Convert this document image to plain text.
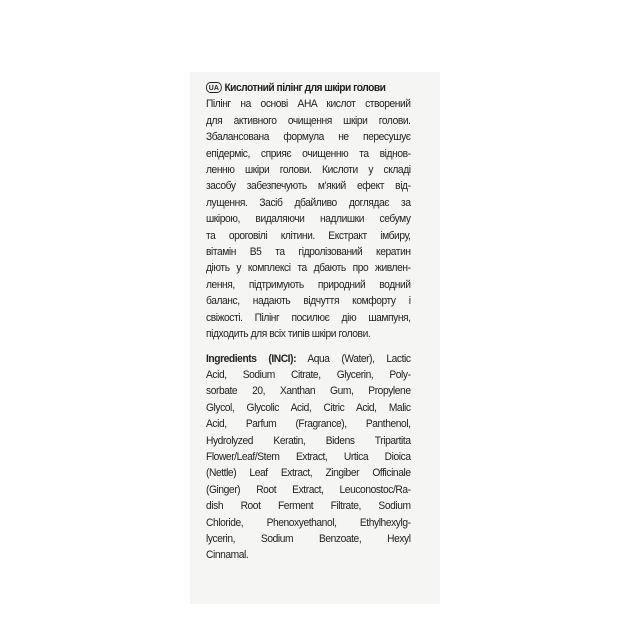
UA Кислотний пілінг для шкіри голови
Пілінг на основі AHA кислот створений
для активного очищення шкіри голови.
Збалансована формула не пересушує
епідерміс, сприяє очищенню та віднов-
ленню шкіри голови. Кислоти у складі
засобу забезпечують м'який ефект від-
лущення. Засіб дбайливо доглядає за
шкірою, видаляючи надлишки себуму
та ороговілі клітини. Екстракт імбиру,
вітамін B5 та гідролізований кератин
діють у комплексі та дбають про живлен-
лення, підтримують природний водний
баланс, надають відчуття комфорту і
свіжості. Пілінг посилює дію шампуня,
підходить для всіх типів шкіри голови.
Ingredients (INCI): Aqua (Water), Lactic
Acid, Sodium Citrate, Glycerin, Poly-
sorbate 20, Xanthan Gum, Propylene
Glycol, Glycolic Acid, Citric Acid, Malic
Acid, Parfum (Fragrance), Panthenol,
Hydrolyzed Keratin, Bidens Tripartita
Flower/Leaf/Stem Extract, Urtica Dioica
(Nettle) Leaf Extract, Zingiber Officinale
(Ginger) Root Extract, Leuconostoc/Ra-
dish Root Ferment Filtrate, Sodium
Chloride, Phenoxyethanol, Ethylhexylg-
lycerin, Sodium Benzoate, Hexyl
Cinnamal.
